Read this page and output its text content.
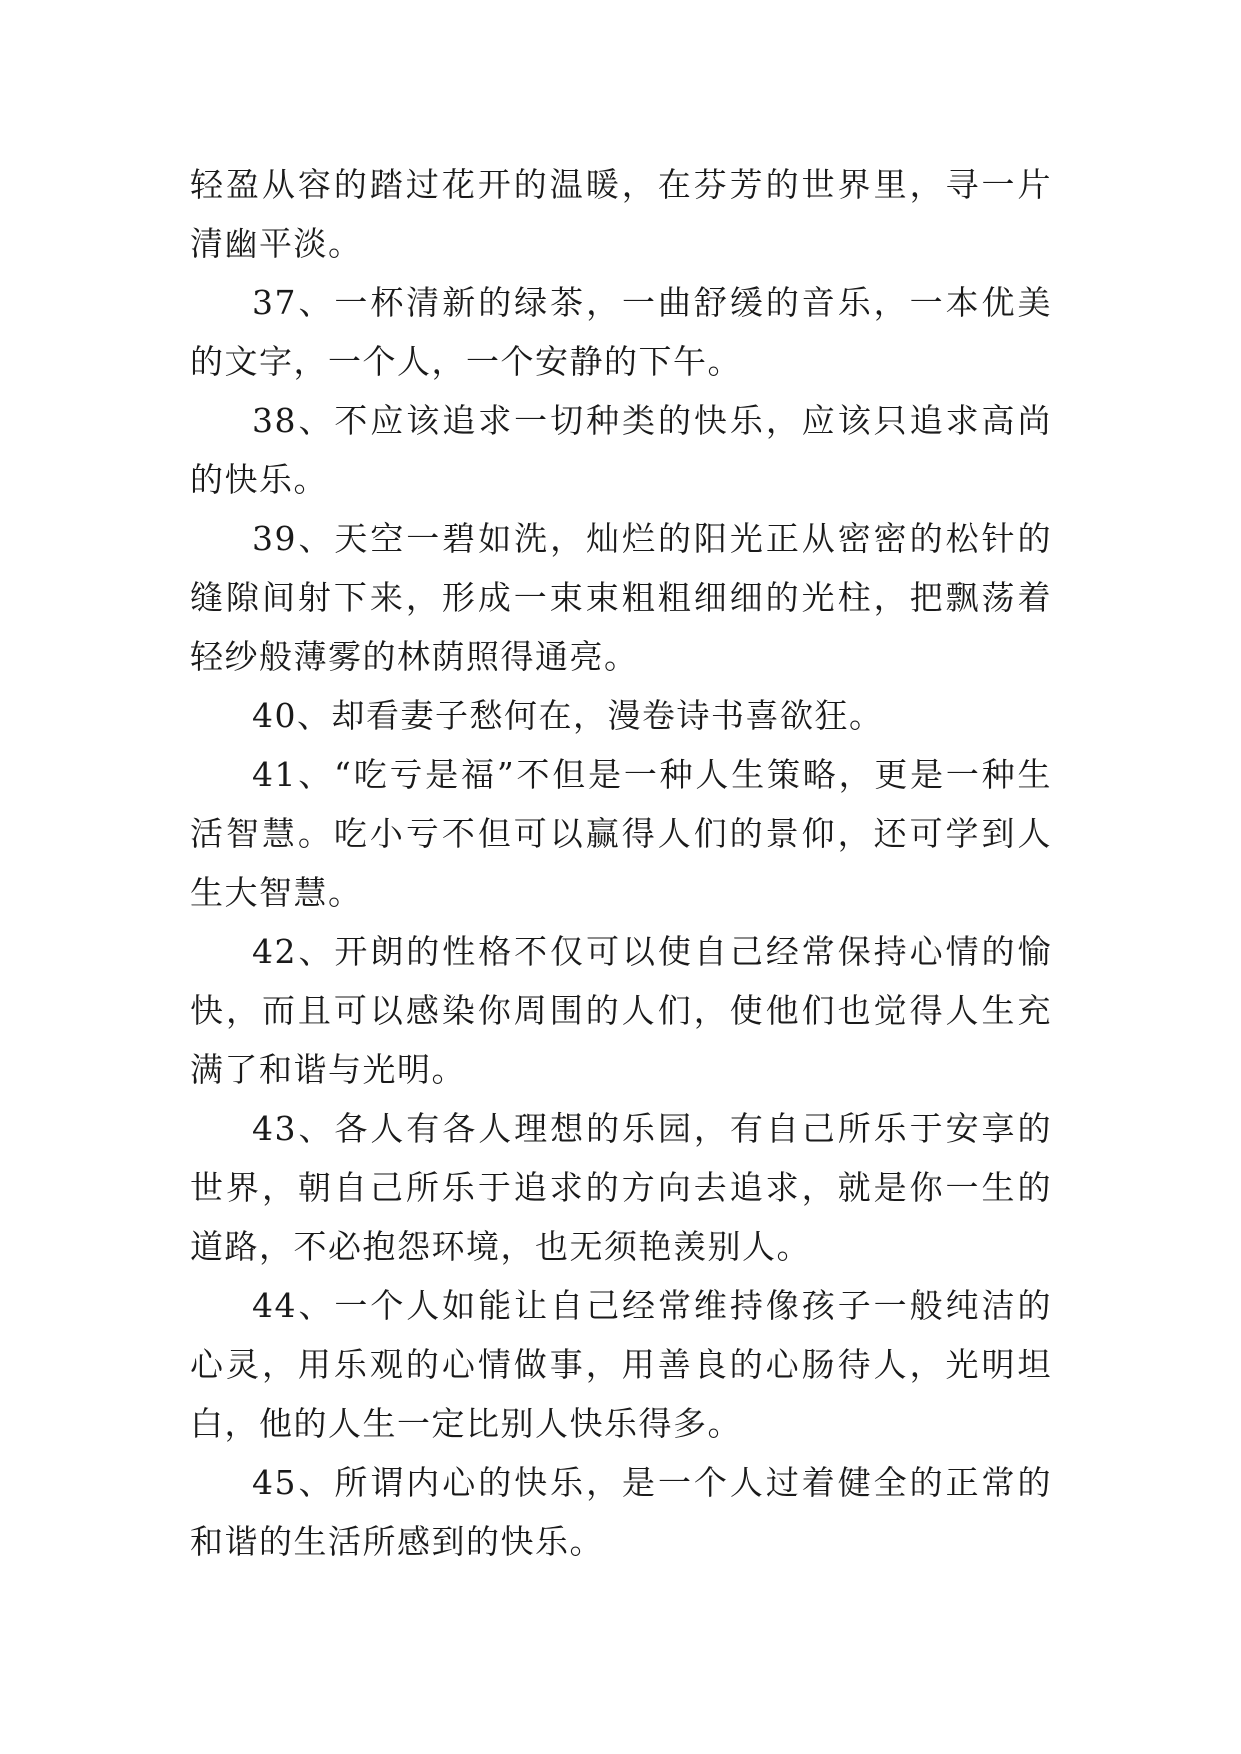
轻盈从容的踏过花开的温暖，在芬芳的世界里，寻一片清幽平淡。

37、一杯清新的绿茶，一曲舒缓的音乐，一本优美的文字，一个人，一个安静的下午。

38、不应该追求一切种类的快乐，应该只追求高尚的快乐。

39、天空一碧如洗，灿烂的阳光正从密密的松针的缝隙间射下来，形成一束束粗粗细细的光柱，把飘荡着轻纱般薄雾的林荫照得通亮。

40、却看妻子愁何在，漫卷诗书喜欲狂。

41、“吃亏是福”不但是一种人生策略，更是一种生活智慧。吃小亏不但可以赢得人们的景仰，还可学到人生大智慧。

42、开朗的性格不仅可以使自己经常保持心情的愉快，而且可以感染你周围的人们，使他们也觉得人生充满了和谐与光明。

43、各人有各人理想的乐园，有自己所乐于安享的世界，朝自己所乐于追求的方向去追求，就是你一生的道路，不必抱怨环境，也无须艳羡别人。

44、一个人如能让自己经常维持像孩子一般纯洁的心灵，用乐观的心情做事，用善良的心肠待人，光明坦白，他的人生一定比别人快乐得多。

45、所谓内心的快乐，是一个人过着健全的正常的和谐的生活所感到的快乐。
